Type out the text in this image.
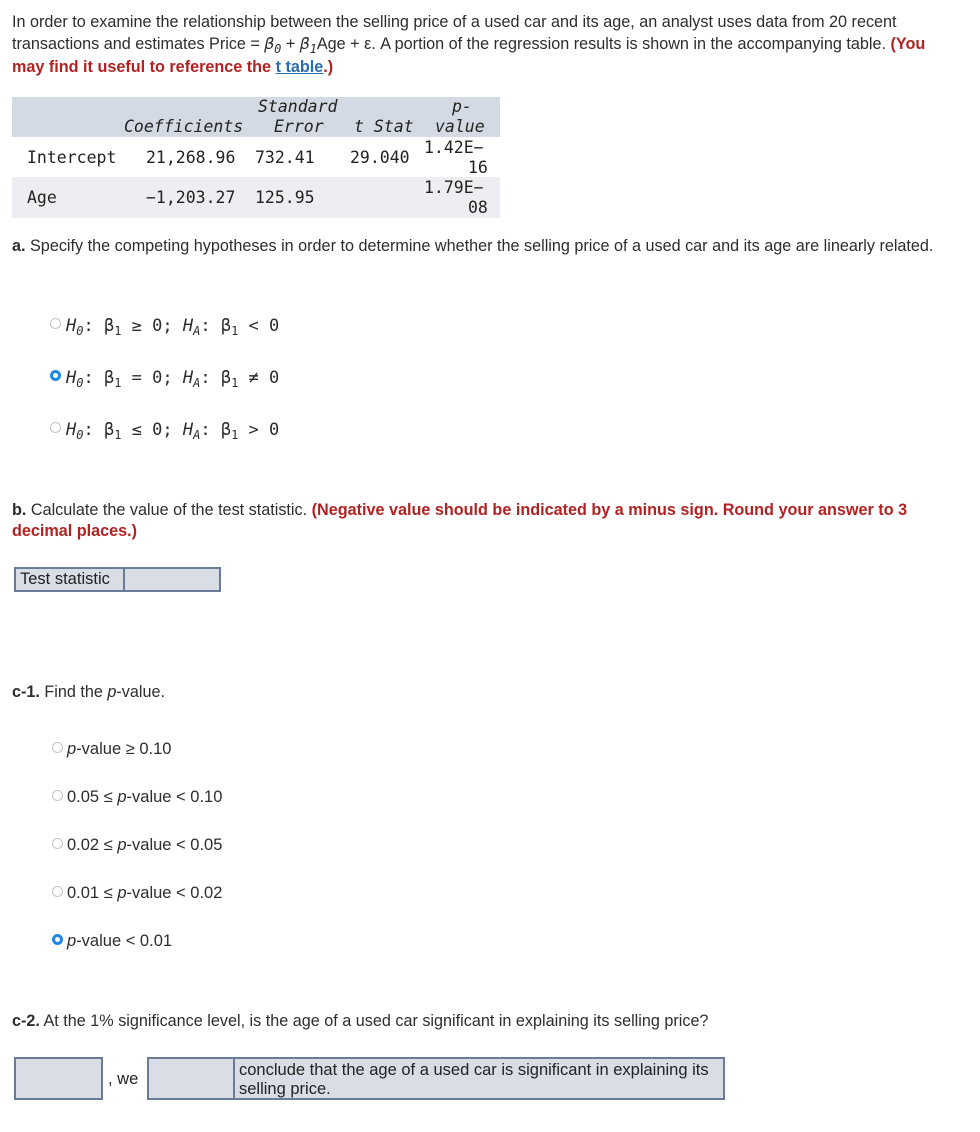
In order to examine the relationship between the selling price of a used car and its age, an analyst uses data from 20 recent transactions and estimates Price = $\beta_0 + \beta_1Age + \varepsilon$. A portion of the regression results is shown in the accompanying table. (You may find it useful to reference the t table.)
Standard
Coefficients Error t Stat
p-
value
Intercept 21,268.96 732.41 29.040
1.42E−
16
Age	−1,203.27 125.95
1.79E−
08
a. Specify the competing hypotheses in order to determine whether the selling price of a used car and its age are linearly related.
$H_0$: $\beta_1 \ge 0$; $H_A$: $\beta_1 < 0$
$H_0$: $\beta_1 = 0$; $H_A$: $\beta_1 \ne 0$
$H_0$: $\beta_1 \le 0$; $H_A$: $\beta_1 > 0$
b. Calculate the value of the test statistic. (Negative value should be indicated by a minus sign. Round your answer to 3 decimal places.)
Test statistic
c-1. Find the p-value.
p-value ≥ 0.10
0.05 ≤ p-value < 0.10
0.02 ≤ p-value < 0.05
0.01 ≤ p-value < 0.02
p-value < 0.01
c-2. At the 1% significance level, is the age of a used car significant in explaining its selling price?
, we	conclude that the age of a used car is significant in explaining its selling price.
